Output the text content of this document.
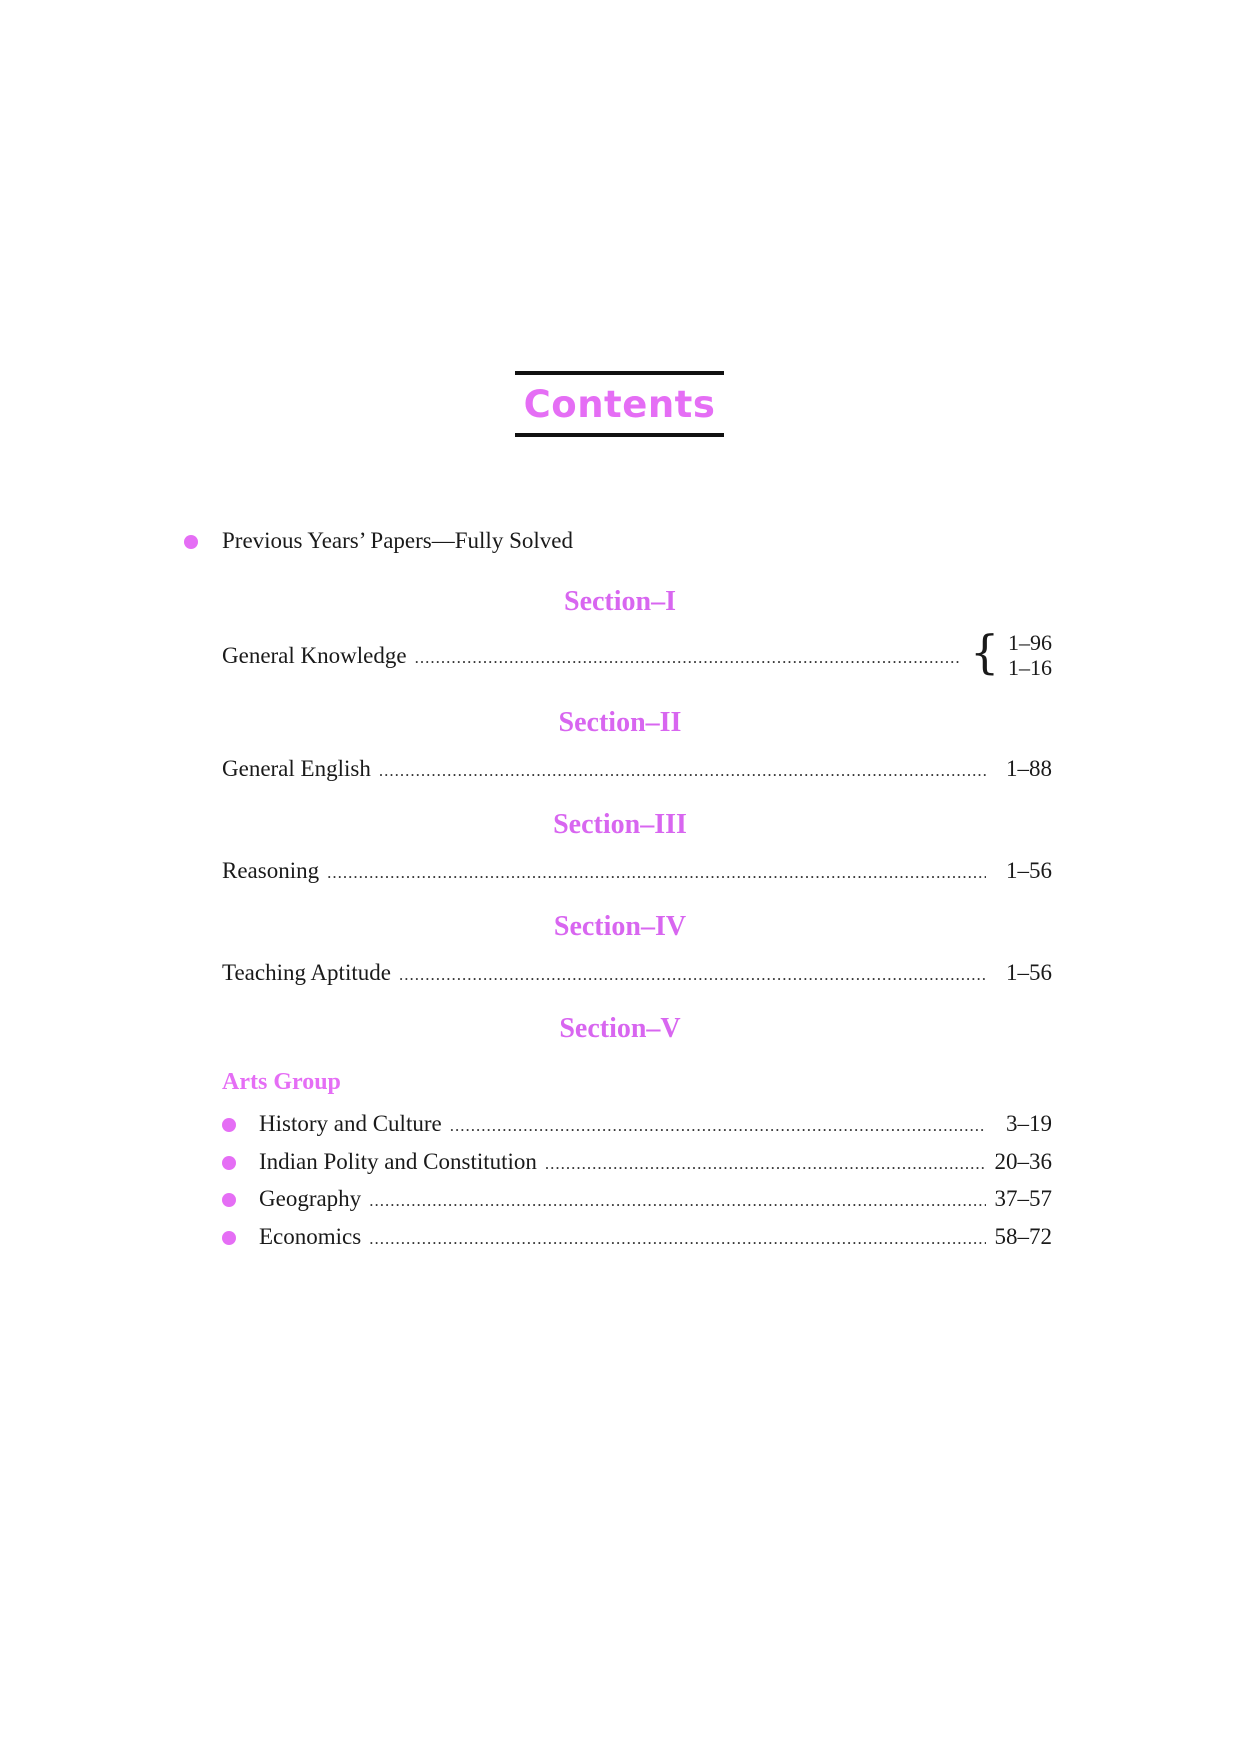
Contents
Previous Years’ Papers—Fully Solved
Section–I
General Knowledge .....	{ 1–96
1–16
Section–II
General English .....	1–88
Section–III
Reasoning .....	1–56
Section–IV
Teaching Aptitude .....	1–56
Section–V
Arts Group
History and Culture .....	3–19
Indian Polity and Constitution .....	20–36
Geography .....	37–57
Economics .....	58–72
